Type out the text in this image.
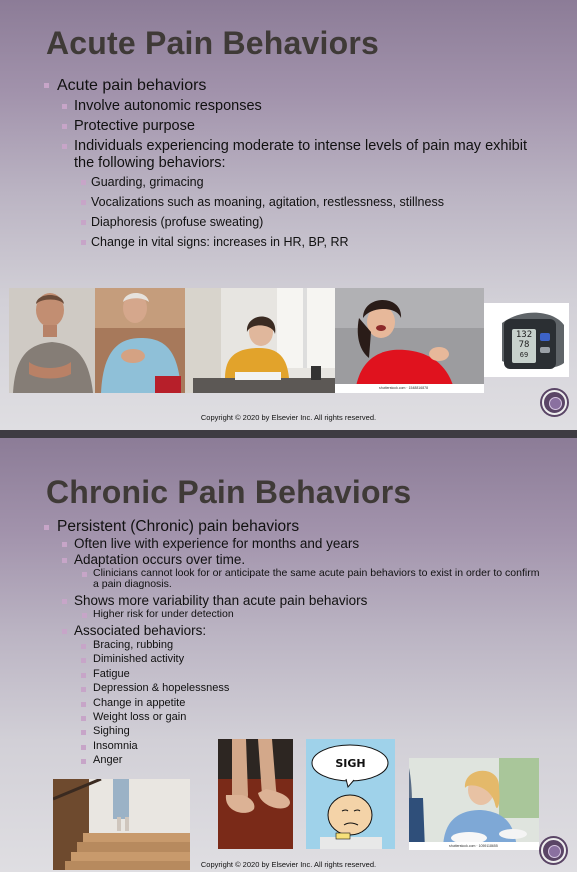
Acute Pain Behaviors
Acute pain behaviors
Involve autonomic responses
Protective purpose
Individuals experiencing moderate to intense levels of pain may exhibit the following behaviors:
Guarding, grimacing
Vocalizations such as moaning, agitation, restlessness, stillness
Diaphoresis (profuse sweating)
Change in vital signs: increases in HR, BP, RR
shutterstock.com · 1548816878
132
78
69
Copyright © 2020 by Elsevier Inc. All rights reserved.
Chronic Pain Behaviors
Persistent (Chronic) pain behaviors
Often live with experience for months and years
Adaptation occurs over time.
Clinicians cannot look for or anticipate the same acute pain behaviors to exist in order to confirm a pain diagnosis.
Shows more variability than acute pain behaviors
Higher risk for under detection
Associated behaviors:
Bracing, rubbing
Diminished activity
Fatigue
Depression & hopelessness
Change in appetite
Weight loss or gain
Sighing
Insomnia
Anger	SIGH
shutterstock.com · 1059118655
Copyright © 2020 by Elsevier Inc. All rights reserved.
